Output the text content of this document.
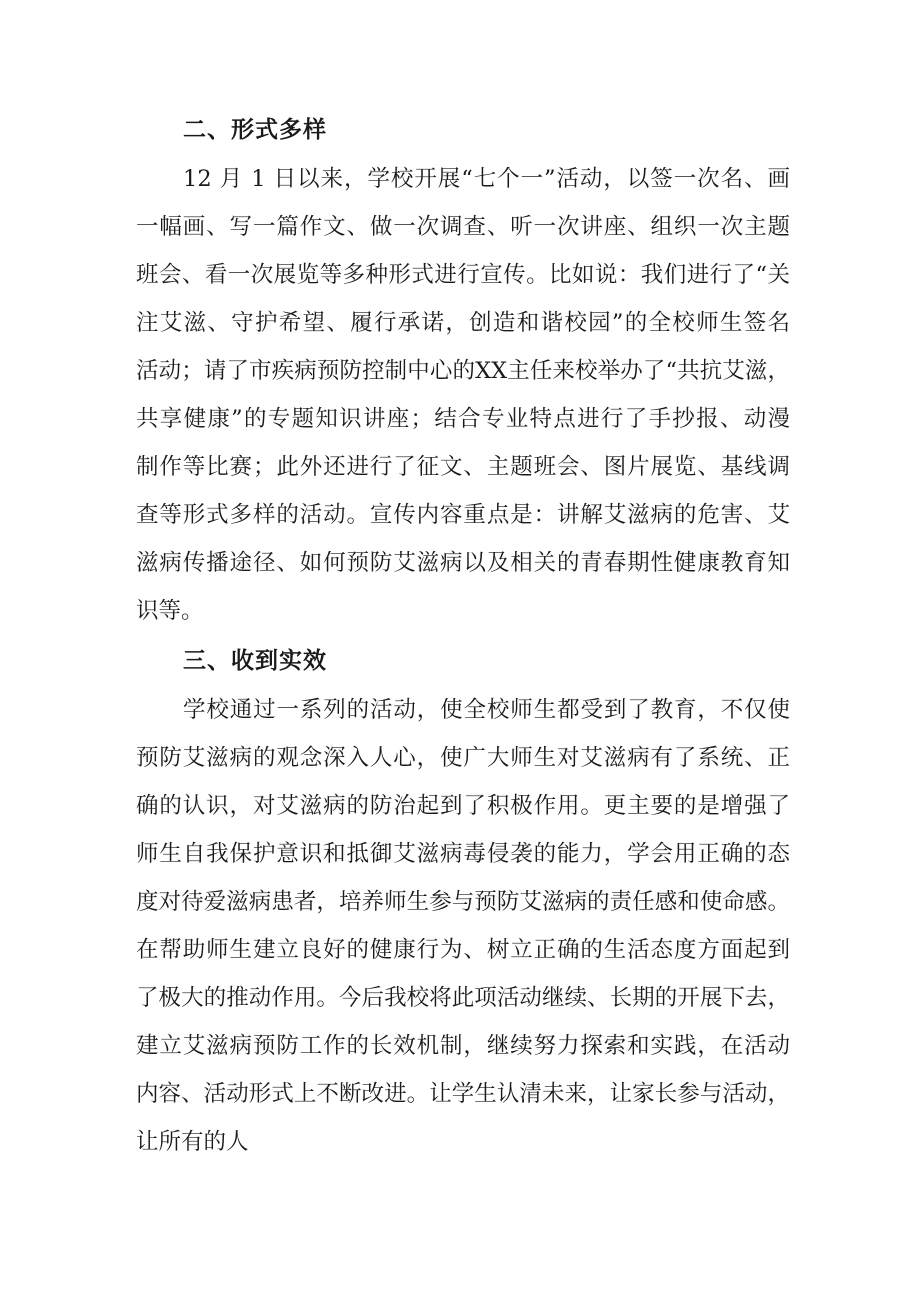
二、形式多样
12 月 1 日以来，学校开展“七个一”活动，以签一次名、画
一幅画、写一篇作文、做一次调查、听一次讲座、组织一次主题
班会、看一次展览等多种形式进行宣传。比如说：我们进行了“关
注艾滋、守护希望、履行承诺，创造和谐校园”的全校师生签名
活动；请了市疾病预防控制中心的XX主任来校举办了“共抗艾滋，
共享健康”的专题知识讲座；结合专业特点进行了手抄报、动漫
制作等比赛；此外还进行了征文、主题班会、图片展览、基线调
查等形式多样的活动。宣传内容重点是：讲解艾滋病的危害、艾
滋病传播途径、如何预防艾滋病以及相关的青春期性健康教育知
识等。
三、收到实效
学校通过一系列的活动，使全校师生都受到了教育，不仅使
预防艾滋病的观念深入人心，使广大师生对艾滋病有了系统、正
确的认识，对艾滋病的防治起到了积极作用。更主要的是增强了
师生自我保护意识和抵御艾滋病毒侵袭的能力，学会用正确的态
度对待爱滋病患者，培养师生参与预防艾滋病的责任感和使命感。
在帮助师生建立良好的健康行为、树立正确的生活态度方面起到
了极大的推动作用。今后我校将此项活动继续、长期的开展下去，
建立艾滋病预防工作的长效机制，继续努力探索和实践，在活动
内容、活动形式上不断改进。让学生认清未来，让家长参与活动，
让所有的人
